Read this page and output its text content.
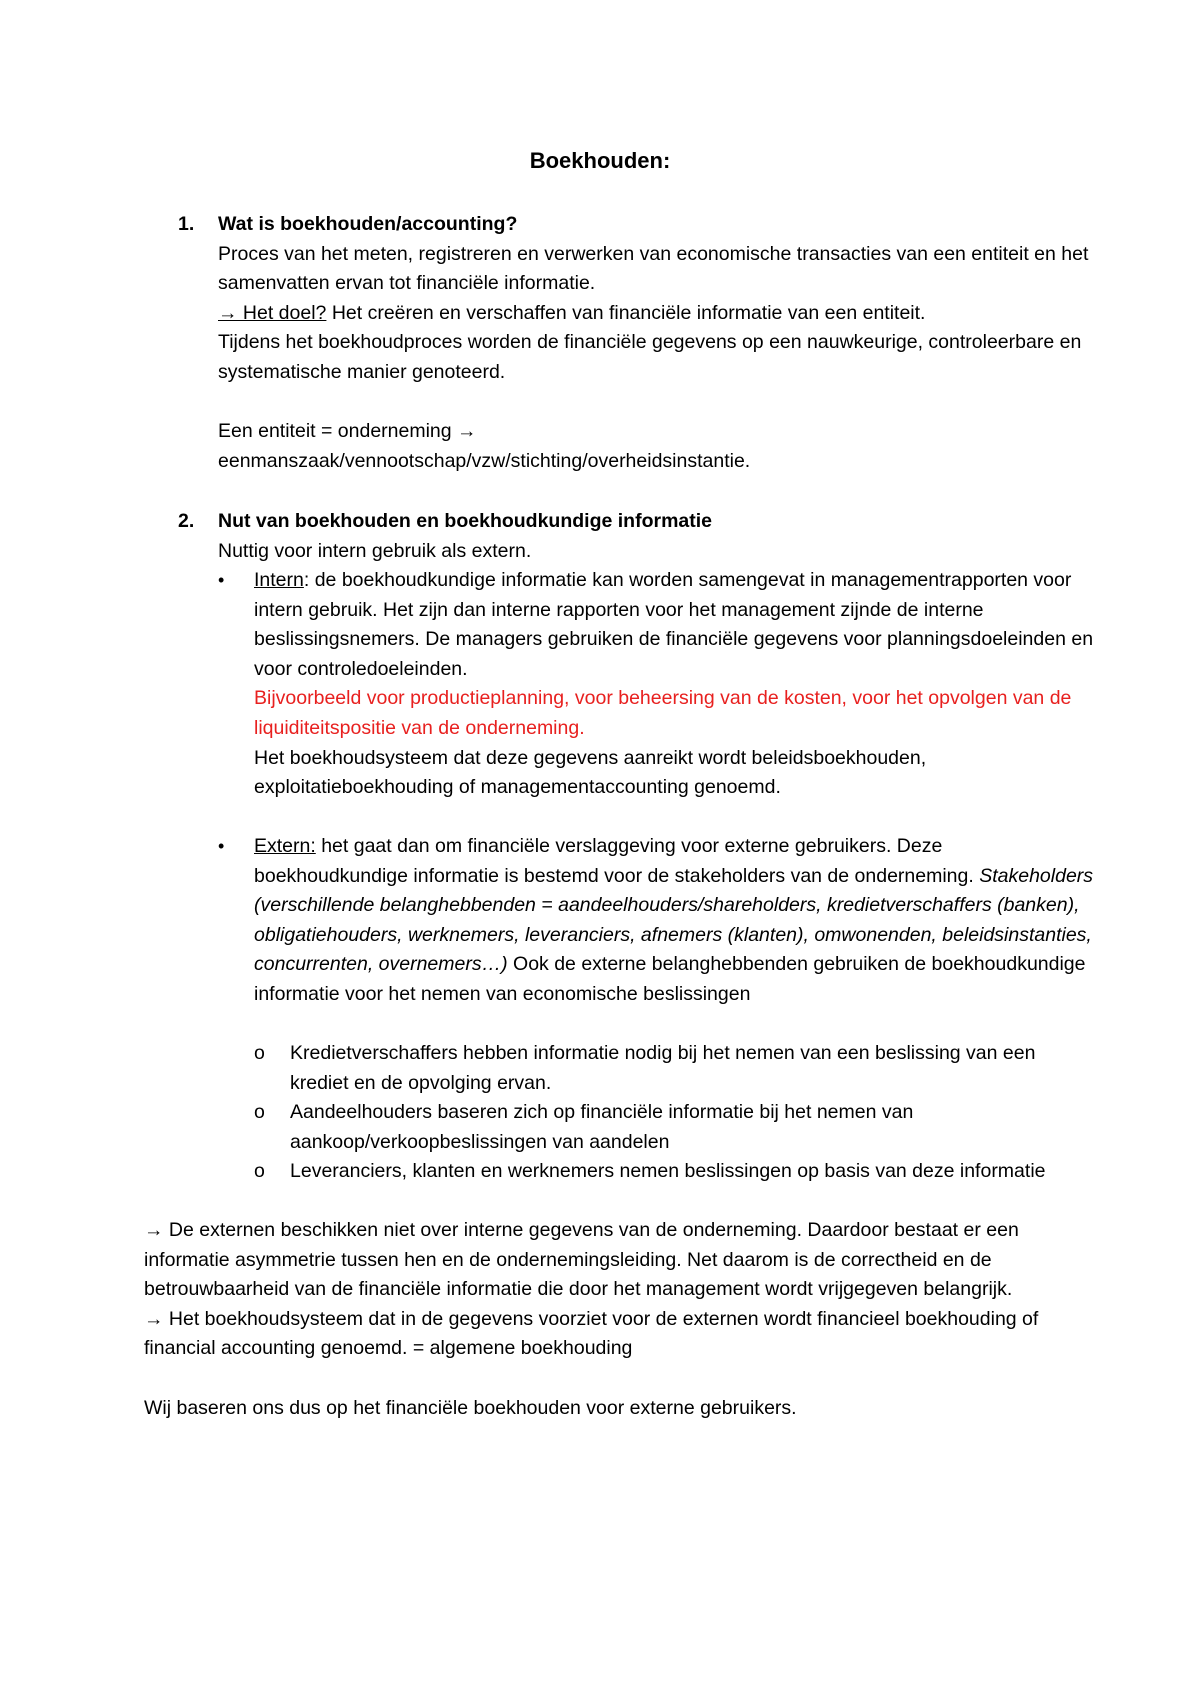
Boekhouden:
1. Wat is boekhouden/accounting?

Proces van het meten, registreren en verwerken van economische transacties van een entiteit en het samenvatten ervan tot financiële informatie.

→ Het doel? Het creëren en verschaffen van financiële informatie van een entiteit.

Tijdens het boekhoudproces worden de financiële gegevens op een nauwkeurige, controleerbare en systematische manier genoteerd.

Een entiteit = onderneming →

eenmanszaak/vennootschap/vzw/stichting/overheidsinstantie.

2. Nut van boekhouden en boekhoudkundige informatie

Nuttig voor intern gebruik als extern.

• Intern: de boekhoudkundige informatie kan worden samengevat in managementrapporten voor intern gebruik. Het zijn dan interne rapporten voor het management zijnde de interne beslissingsnemers. De managers gebruiken de financiële gegevens voor planningsdoeleinden en voor controledoeleinden.

Bijvoorbeeld voor productieplanning, voor beheersing van de kosten, voor het opvolgen van de liquiditeitspositie van de onderneming.

Het boekhoudsysteem dat deze gegevens aanreikt wordt beleidsboekhouden, exploitatieboekhouding of managementaccounting genoemd.

• Extern: het gaat dan om financiële verslaggeving voor externe gebruikers. Deze boekhoudkundige informatie is bestemd voor de stakeholders van de onderneming. Stakeholders (verschillende belanghebbenden = aandeelhouders/shareholders, kredietverschaffers (banken), obligatiehouders, werknemers, leveranciers, afnemers (klanten), omwonenden, beleidsinstanties, concurrenten, overnemers…) Ook de externe belanghebbenden gebruiken de boekhoudkundige informatie voor het nemen van economische beslissingen

o Kredietverschaffers hebben informatie nodig bij het nemen van een beslissing van een krediet en de opvolging ervan.
o Aandeelhouders baseren zich op financiële informatie bij het nemen van aankoop/verkoopbeslissingen van aandelen
o Leveranciers, klanten en werknemers nemen beslissingen op basis van deze informatie

→ De externen beschikken niet over interne gegevens van de onderneming. Daardoor bestaat er een informatie asymmetrie tussen hen en de ondernemingsleiding. Net daarom is de correctheid en de betrouwbaarheid van de financiële informatie die door het management wordt vrijgegeven belangrijk.

→ Het boekhoudsysteem dat in de gegevens voorziet voor de externen wordt financieel boekhouding of financial accounting genoemd. = algemene boekhouding

Wij baseren ons dus op het financiële boekhouden voor externe gebruikers.
